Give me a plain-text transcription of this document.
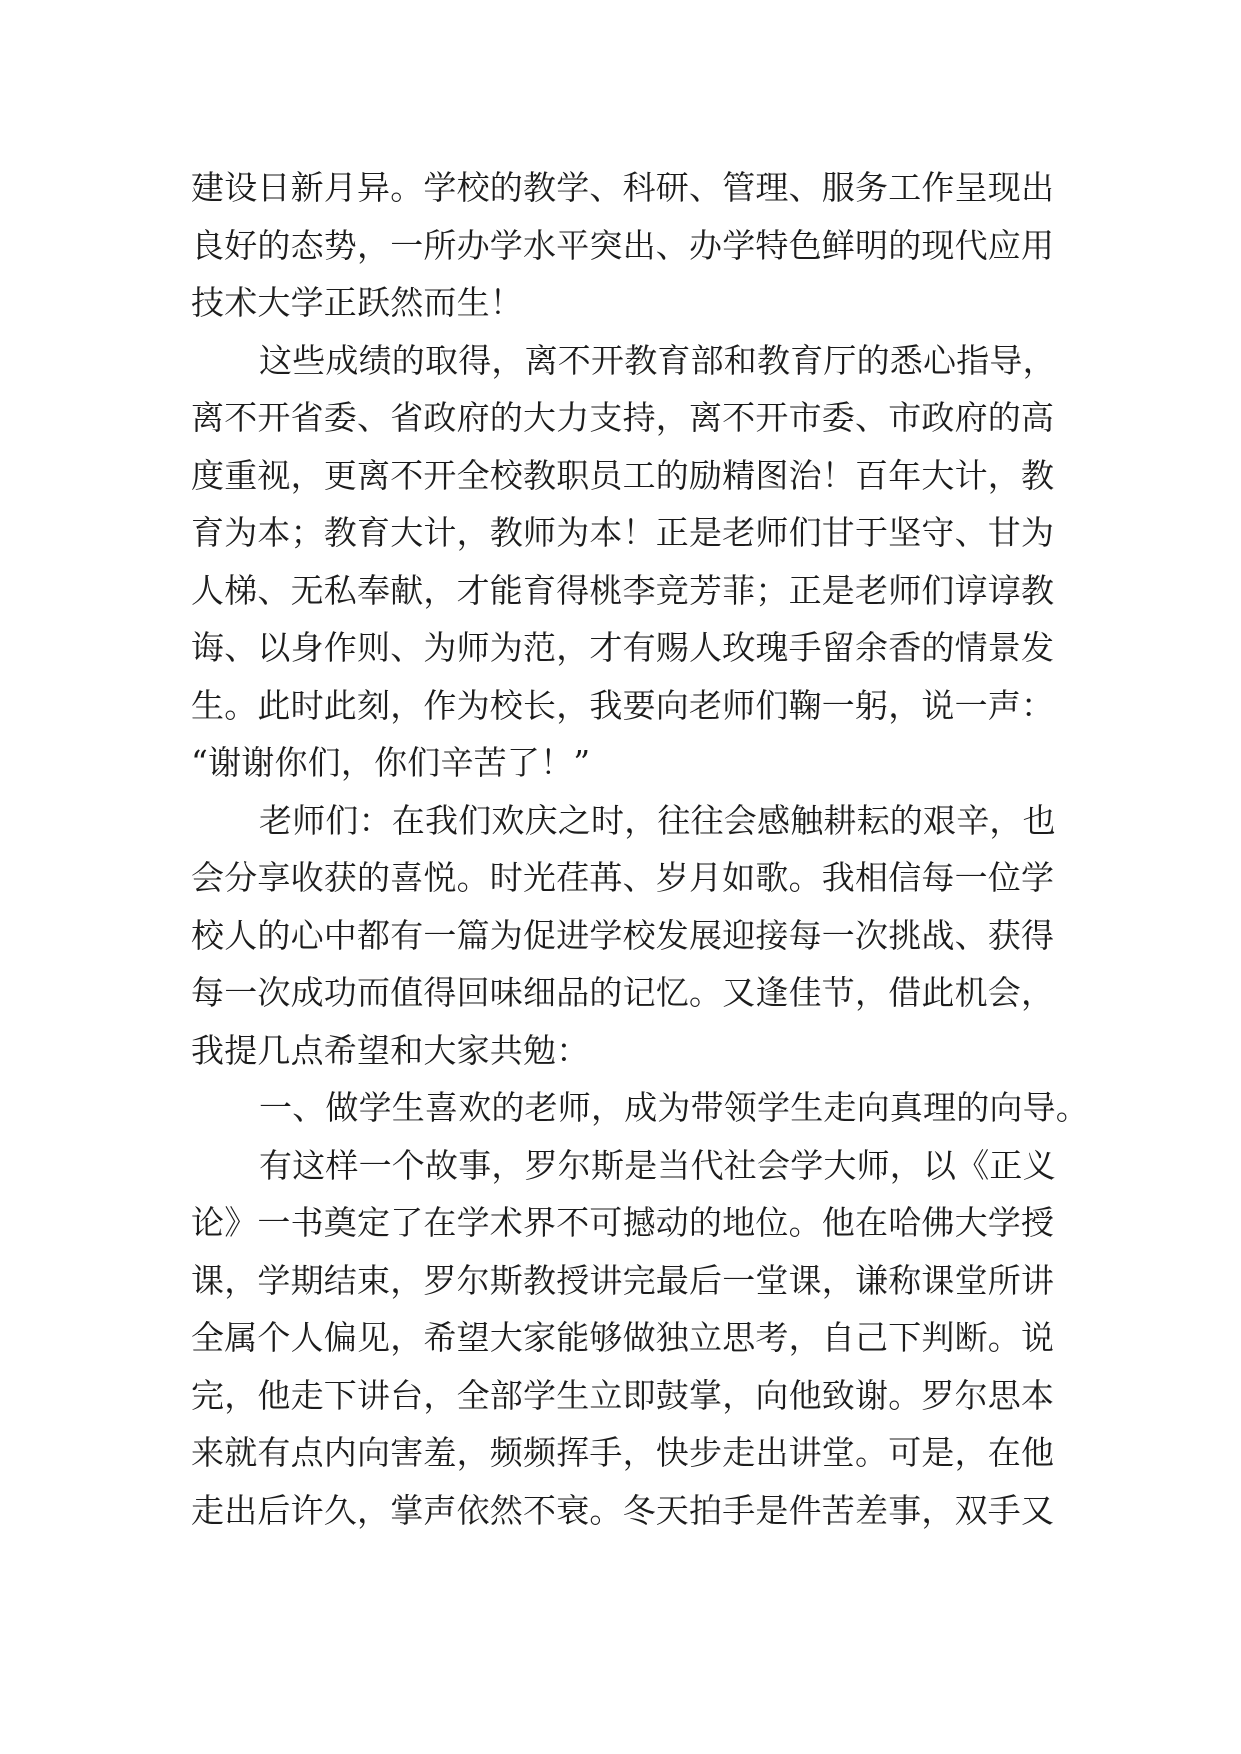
建设日新月异。学校的教学、科研、管理、服务工作呈现出
良好的态势，一所办学水平突出、办学特色鲜明的现代应用
技术大学正跃然而生！
这些成绩的取得，离不开教育部和教育厅的悉心指导，
离不开省委、省政府的大力支持，离不开市委、市政府的高
度重视，更离不开全校教职员工的励精图治！百年大计，教
育为本；教育大计，教师为本！正是老师们甘于坚守、甘为
人梯、无私奉献，才能育得桃李竞芳菲；正是老师们谆谆教
诲、以身作则、为师为范，才有赐人玫瑰手留余香的情景发
生。此时此刻，作为校长，我要向老师们鞠一躬，说一声：
“谢谢你们，你们辛苦了！”
老师们：在我们欢庆之时，往往会感触耕耘的艰辛，也
会分享收获的喜悦。时光荏苒、岁月如歌。我相信每一位学
校人的心中都有一篇为促进学校发展迎接每一次挑战、获得
每一次成功而值得回味细品的记忆。又逢佳节，借此机会，
我提几点希望和大家共勉：
一、做学生喜欢的老师，成为带领学生走向真理的向导。
有这样一个故事，罗尔斯是当代社会学大师，以《正义
论》一书奠定了在学术界不可撼动的地位。他在哈佛大学授
课，学期结束，罗尔斯教授讲完最后一堂课，谦称课堂所讲
全属个人偏见，希望大家能够做独立思考，自己下判断。说
完，他走下讲台，全部学生立即鼓掌，向他致谢。罗尔思本
来就有点内向害羞，频频挥手，快步走出讲堂。可是，在他
走出后许久，掌声依然不衰。冬天拍手是件苦差事，双手又
